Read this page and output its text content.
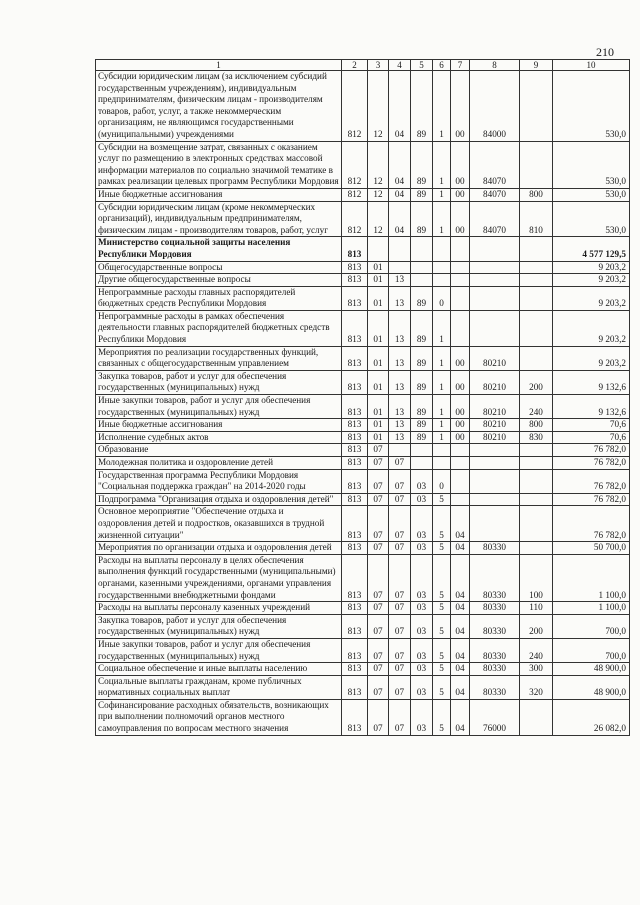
210
1	2	3	4	5	6	7	8	9	10
Субсидии юридическим лицам (за исключением субсидий государственным учреждениям), индивидуальным предпринимателям, физическим лицам - производителям товаров, работ, услуг, а также некоммерческим организациям, не являющимся государственными (муниципальными) учреждениями	812	12	04	89	1	00	84000		530,0
Субсидии на возмещение затрат, связанных с оказанием услуг по размещению в электронных средствах массовой информации материалов по социально значимой тематике в рамках реализации целевых программ Республики Мордовия	812	12	04	89	1	00	84070		530,0
Иные бюджетные ассигнования	812	12	04	89	1	00	84070	800	530,0
Субсидии юридическим лицам (кроме некоммерческих организаций), индивидуальным предпринимателям, физическим лицам - производителям товаров, работ, услуг	812	12	04	89	1	00	84070	810	530,0
Министерство социальной защиты населения Республики Мордовия	813								4 577 129,5
Общегосударственные вопросы	813	01							9 203,2
Другие общегосударственные вопросы	813	01	13						9 203,2
Непрограммные расходы главных распорядителей бюджетных средств Республики Мордовия	813	01	13	89	0				9 203,2
Непрограммные расходы в рамках обеспечения деятельности главных распорядителей бюджетных средств Республики Мордовия	813	01	13	89	1				9 203,2
Мероприятия по реализации государственных функций, связанных с общегосударственным управлением	813	01	13	89	1	00	80210		9 203,2
Закупка товаров, работ и услуг для обеспечения государственных (муниципальных) нужд	813	01	13	89	1	00	80210	200	9 132,6
Иные закупки товаров, работ и услуг для обеспечения государственных (муниципальных) нужд	813	01	13	89	1	00	80210	240	9 132,6
Иные бюджетные ассигнования	813	01	13	89	1	00	80210	800	70,6
Исполнение судебных актов	813	01	13	89	1	00	80210	830	70,6
Образование	813	07							76 782,0
Молодежная политика и оздоровление детей	813	07	07						76 782,0
Государственная программа Республики Мордовия "Социальная поддержка граждан" на 2014-2020 годы	813	07	07	03	0				76 782,0
Подпрограмма "Организация отдыха и оздоровления детей"	813	07	07	03	5				76 782,0
Основное мероприятие "Обеспечение отдыха и оздоровления детей и подростков, оказавшихся в трудной жизненной ситуации"	813	07	07	03	5	04			76 782,0
Мероприятия по организации отдыха и оздоровления детей	813	07	07	03	5	04	80330		50 700,0
Расходы на выплаты персоналу в целях обеспечения выполнения функций государственными (муниципальными) органами, казенными учреждениями, органами управления государственными внебюджетными фондами	813	07	07	03	5	04	80330	100	1 100,0
Расходы на выплаты персоналу казенных учреждений	813	07	07	03	5	04	80330	110	1 100,0
Закупка товаров, работ и услуг для обеспечения государственных (муниципальных) нужд	813	07	07	03	5	04	80330	200	700,0
Иные закупки товаров, работ и услуг для обеспечения государственных (муниципальных) нужд	813	07	07	03	5	04	80330	240	700,0
Социальное обеспечение и иные выплаты населению	813	07	07	03	5	04	80330	300	48 900,0
Социальные выплаты гражданам, кроме публичных нормативных социальных выплат	813	07	07	03	5	04	80330	320	48 900,0
Софинансирование расходных обязательств, возникающих при выполнении полномочий органов местного самоуправления по вопросам местного значения	813	07	07	03	5	04	76000		26 082,0
